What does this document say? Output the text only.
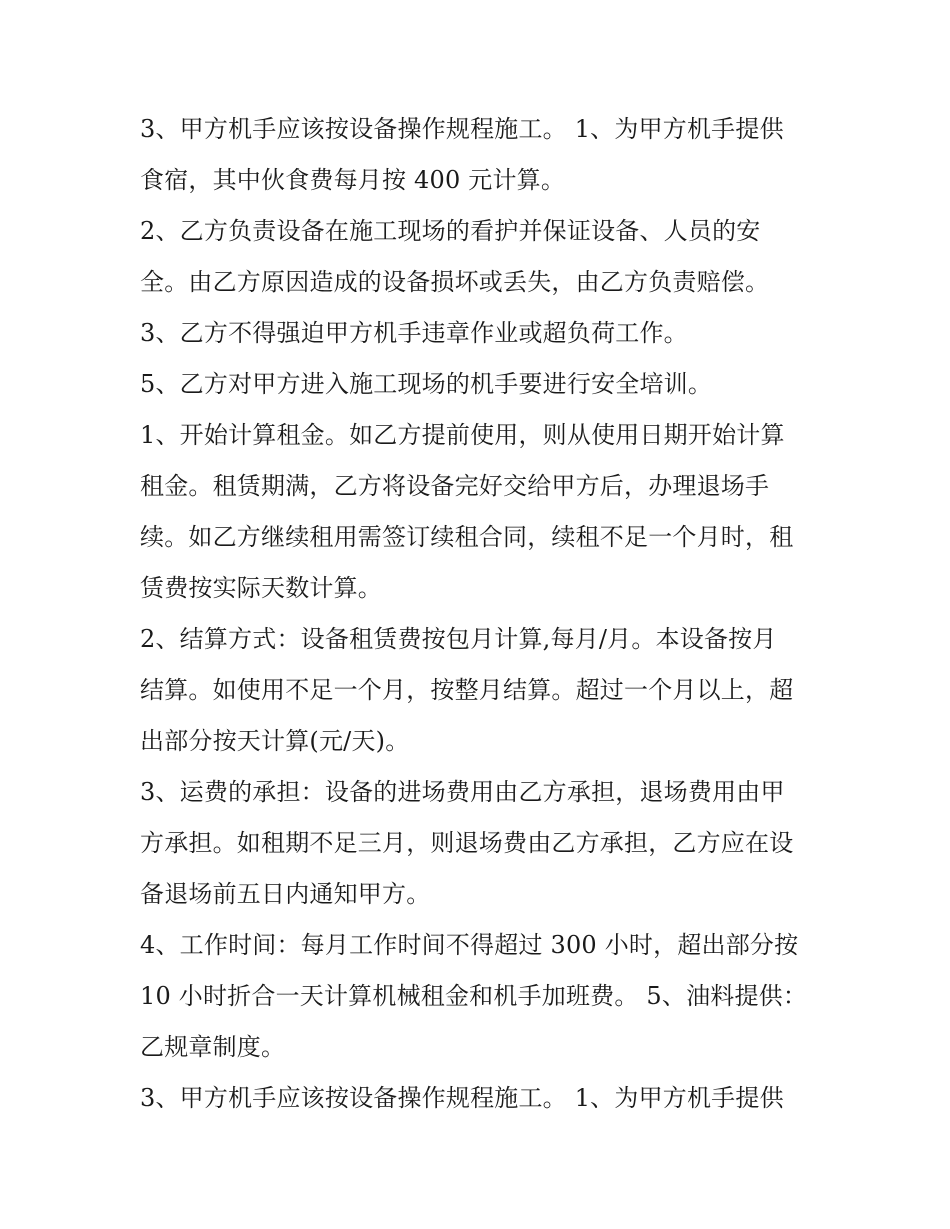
3、甲方机手应该按设备操作规程施工。 1、为甲方机手提供
食宿，其中伙食费每月按 400 元计算。
2、乙方负责设备在施工现场的看护并保证设备、人员的安
全。由乙方原因造成的设备损坏或丢失，由乙方负责赔偿。
3、乙方不得强迫甲方机手违章作业或超负荷工作。
5、乙方对甲方进入施工现场的机手要进行安全培训。
1、开始计算租金。如乙方提前使用，则从使用日期开始计算
租金。租赁期满，乙方将设备完好交给甲方后，办理退场手
续。如乙方继续租用需签订续租合同，续租不足一个月时，租
赁费按实际天数计算。
2、结算方式：设备租赁费按包月计算,每月/月。本设备按月
结算。如使用不足一个月，按整月结算。超过一个月以上，超
出部分按天计算(元/天)。
3、运费的承担：设备的进场费用由乙方承担，退场费用由甲
方承担。如租期不足三月，则退场费由乙方承担，乙方应在设
备退场前五日内通知甲方。
4、工作时间：每月工作时间不得超过 300 小时，超出部分按
10 小时折合一天计算机械租金和机手加班费。 5、油料提供：
乙规章制度。
3、甲方机手应该按设备操作规程施工。 1、为甲方机手提供
